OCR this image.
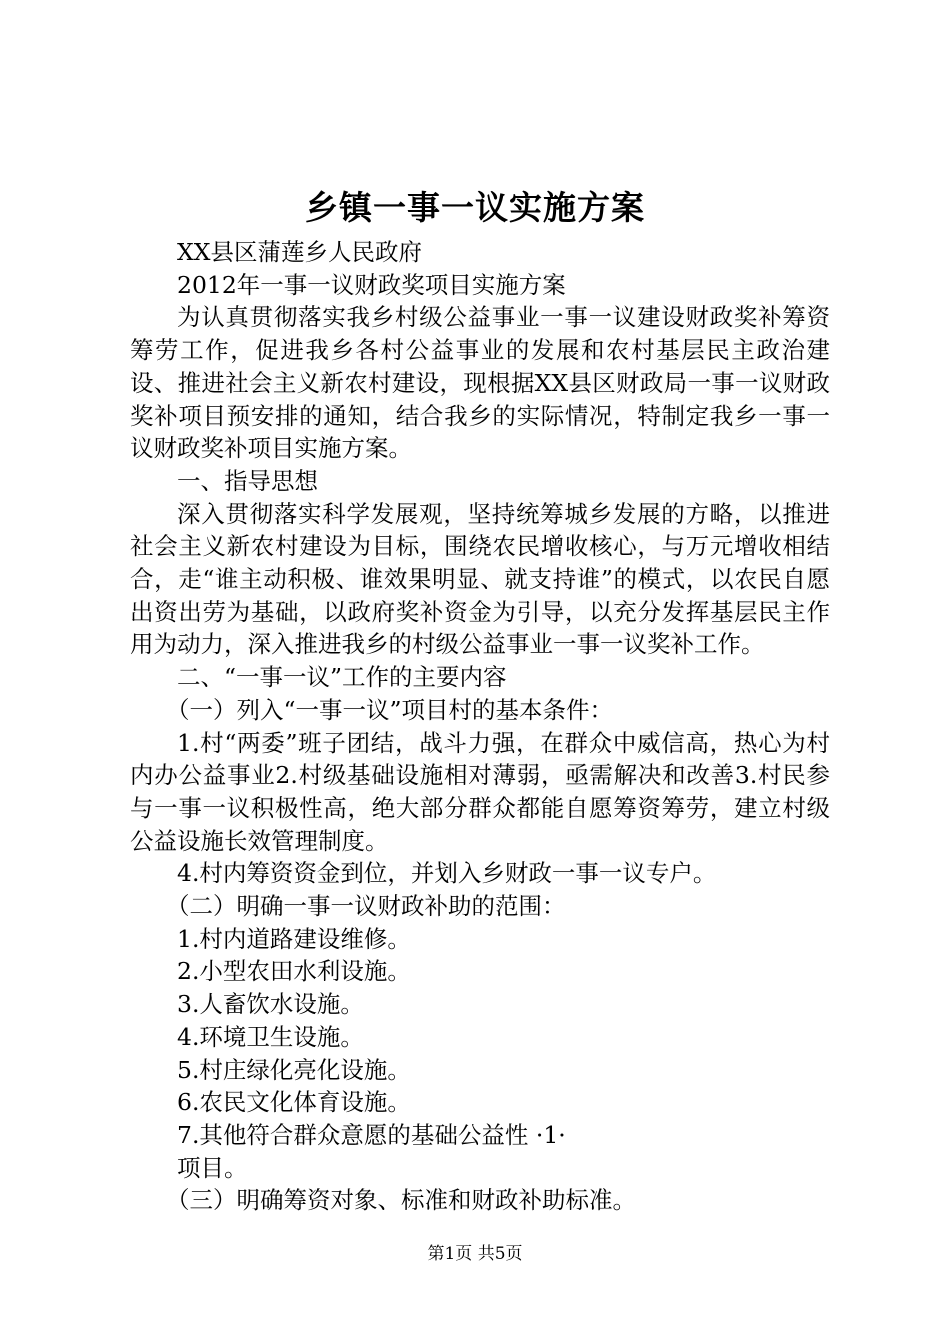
乡镇一事一议实施方案

XX县区蒲莲乡人民政府

2012年一事一议财政奖项目实施方案

为认真贯彻落实我乡村级公益事业一事一议建设财政奖补筹资筹劳工作，促进我乡各村公益事业的发展和农村基层民主政治建设、推进社会主义新农村建设，现根据XX县区财政局一事一议财政奖补项目预安排的通知，结合我乡的实际情况，特制定我乡一事一议财政奖补项目实施方案。

一、指导思想

深入贯彻落实科学发展观，坚持统筹城乡发展的方略，以推进社会主义新农村建设为目标，围绕农民增收核心，与万元增收相结合，走“谁主动积极、谁效果明显、就支持谁”的模式，以农民自愿出资出劳为基础，以政府奖补资金为引导，以充分发挥基层民主作用为动力，深入推进我乡的村级公益事业一事一议奖补工作。

二、“一事一议”工作的主要内容

（一）列入“一事一议”项目村的基本条件：

1.村“两委”班子团结，战斗力强，在群众中威信高，热心为村内办公益事业2.村级基础设施相对薄弱，亟需解决和改善3.村民参与一事一议积极性高，绝大部分群众都能自愿筹资筹劳，建立村级公益设施长效管理制度。

4.村内筹资资金到位，并划入乡财政一事一议专户。

（二）明确一事一议财政补助的范围：

1.村内道路建设维修。

2.小型农田水利设施。

3.人畜饮水设施。

4.环境卫生设施。

5.村庄绿化亮化设施。

6.农民文化体育设施。

7.其他符合群众意愿的基础公益性 ·1·

项目。

（三）明确筹资对象、标准和财政补助标准。

第1页 共5页
